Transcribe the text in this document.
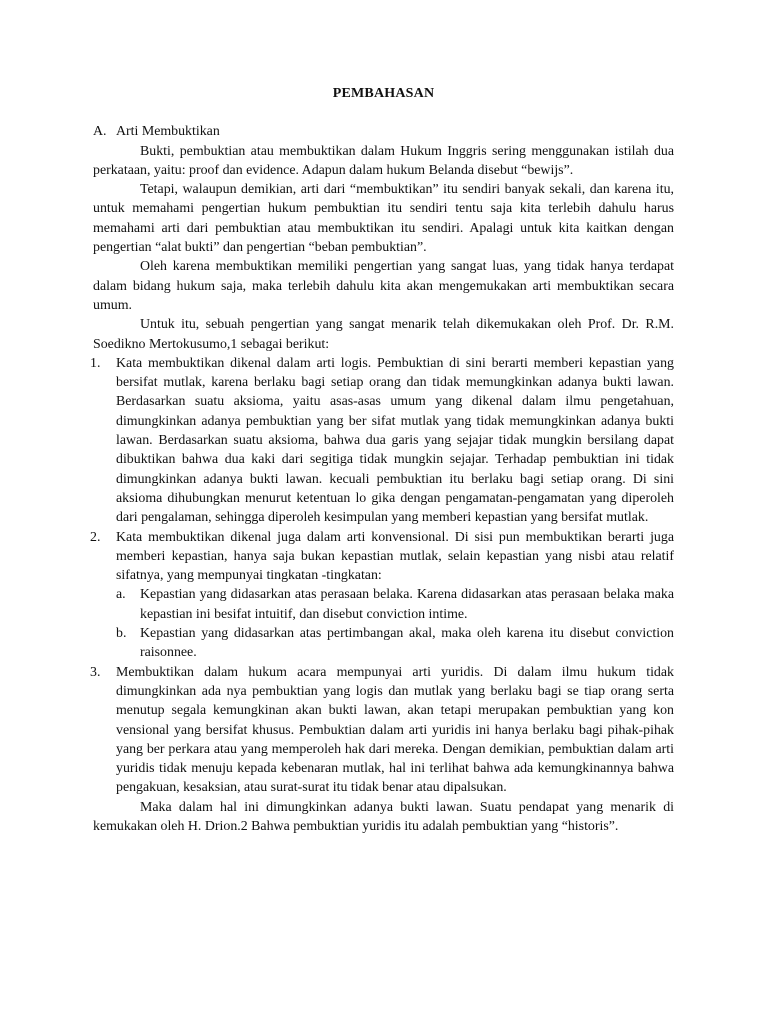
PEMBAHASAN
A. Arti Membuktikan

Bukti, pembuktian atau membuktikan dalam Hukum Inggris sering menggunakan istilah dua perkataan, yaitu: proof dan evidence. Adapun dalam hukum Belanda disebut “bewijs”.

Tetapi, walaupun demikian, arti dari “membuktikan” itu sendiri banyak sekali, dan karena itu, untuk memahami pengertian hukum pembuktian itu sendiri tentu saja kita terlebih dahulu harus memahami arti dari pembuktian atau membuktikan itu sendiri. Apalagi untuk kita kaitkan dengan pengertian “alat bukti” dan pengertian “beban pembuktian”.

Oleh karena membuktikan memiliki pengertian yang sangat luas, yang tidak hanya terdapat dalam bidang hukum saja, maka terlebih dahulu kita akan mengemukakan arti membuktikan secara umum.

Untuk itu, sebuah pengertian yang sangat menarik telah dikemukakan oleh Prof. Dr. R.M. Soedikno Mertokusumo,1 sebagai berikut:

1. Kata membuktikan dikenal dalam arti logis. Pembuktian di sini berarti memberi kepastian yang bersifat mutlak, karena berlaku bagi setiap orang dan tidak memungkinkan adanya bukti lawan. Berdasarkan suatu aksioma, yaitu asas-asas umum yang dikenal dalam ilmu pengetahuan, dimungkinkan adanya pembuktian yang ber sifat mutlak yang tidak memungkinkan adanya bukti lawan. Berdasarkan suatu aksioma, bahwa dua garis yang sejajar tidak mungkin bersilang dapat dibuktikan bahwa dua kaki dari segitiga tidak mungkin sejajar. Terhadap pembuktian ini tidak dimungkinkan adanya bukti lawan. kecuali pembuktian itu berlaku bagi setiap orang. Di sini aksioma dihubungkan menurut ketentuan lo gika dengan pengamatan-pengamatan yang diperoleh dari pengalaman, sehingga diperoleh kesimpulan yang memberi kepastian yang bersifat mutlak.
2. Kata membuktikan dikenal juga dalam arti konvensional. Di sisi pun membuktikan berarti juga memberi kepastian, hanya saja bukan kepastian mutlak, selain kepastian yang nisbi atau relatif sifatnya, yang mempunyai tingkatan -tingkatan:
a. Kepastian yang didasarkan atas perasaan belaka. Karena didasarkan atas perasaan belaka maka kepastian ini besifat intuitif, dan disebut conviction intime.
b. Kepastian yang didasarkan atas pertimbangan akal, maka oleh karena itu disebut conviction raisonnee.
3. Membuktikan dalam hukum acara mempunyai arti yuridis. Di dalam ilmu hukum tidak dimungkinkan ada nya pembuktian yang logis dan mutlak yang berlaku bagi se tiap orang serta menutup segala kemungkinan akan bukti lawan, akan tetapi merupakan pembuktian yang kon vensional yang bersifat khusus. Pembuktian dalam arti yuridis ini hanya berlaku bagi pihak-pihak yang ber perkara atau yang memperoleh hak dari mereka. Dengan demikian, pembuktian dalam arti yuridis tidak menuju kepada kebenaran mutlak, hal ini terlihat bahwa ada kemungkinannya bahwa pengakuan, kesaksian, atau surat-surat itu tidak benar atau dipalsukan.

Maka dalam hal ini dimungkinkan adanya bukti lawan. Suatu pendapat yang menarik di kemukakan oleh H. Drion.2 Bahwa pembuktian yuridis itu adalah pembuktian yang “historis”.
